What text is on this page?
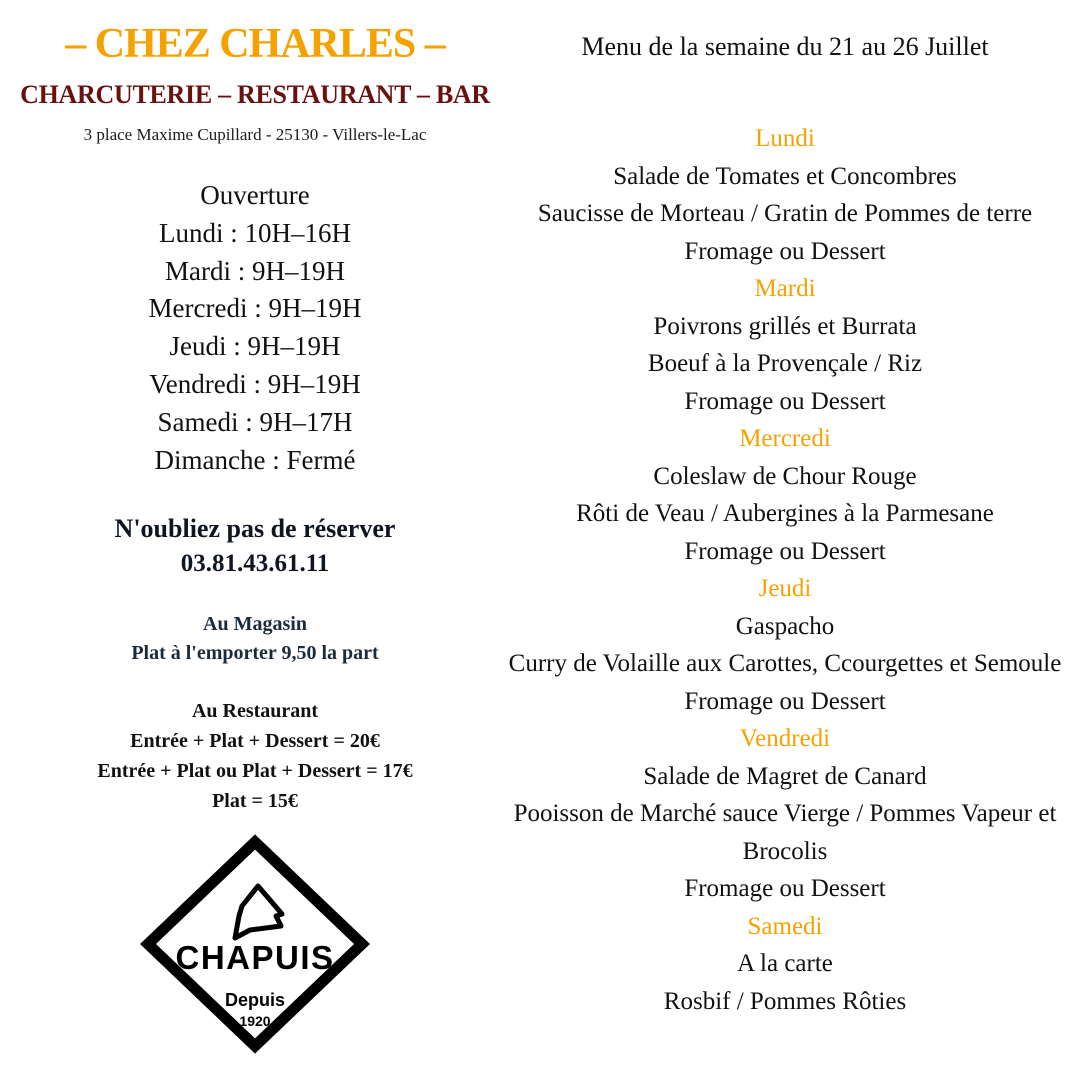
– CHEZ CHARLES –
CHARCUTERIE – RESTAURANT – BAR
3 place Maxime Cupillard - 25130 - Villers-le-Lac
Ouverture
Lundi : 10H–16H
Mardi : 9H–19H
Mercredi : 9H–19H
Jeudi : 9H–19H
Vendredi : 9H–19H
Samedi : 9H–17H
Dimanche : Fermé
N'oubliez pas de réserver
03.81.43.61.11
Au Magasin
Plat à l'emporter 9,50 la part
Au Restaurant
Entrée + Plat + Dessert = 20€
Entrée + Plat ou Plat + Dessert = 17€
Plat = 15€
CHAPUIS
Depuis
1920
Menu de la semaine du 21 au 26 Juillet
Lundi
Salade de Tomates et Concombres
Saucisse de Morteau / Gratin de Pommes de terre
Fromage ou Dessert
Mardi
Poivrons grillés et Burrata
Boeuf à la Provençale / Riz
Fromage ou Dessert
Mercredi
Coleslaw de Chour Rouge
Rôti de Veau / Aubergines à la Parmesane
Fromage ou Dessert
Jeudi
Gaspacho
Curry de Volaille aux Carottes, Ccourgettes et Semoule
Fromage ou Dessert
Vendredi
Salade de Magret de Canard
Pooisson de Marché sauce Vierge / Pommes Vapeur et
Brocolis
Fromage ou Dessert
Samedi
A la carte
Rosbif / Pommes Rôties
